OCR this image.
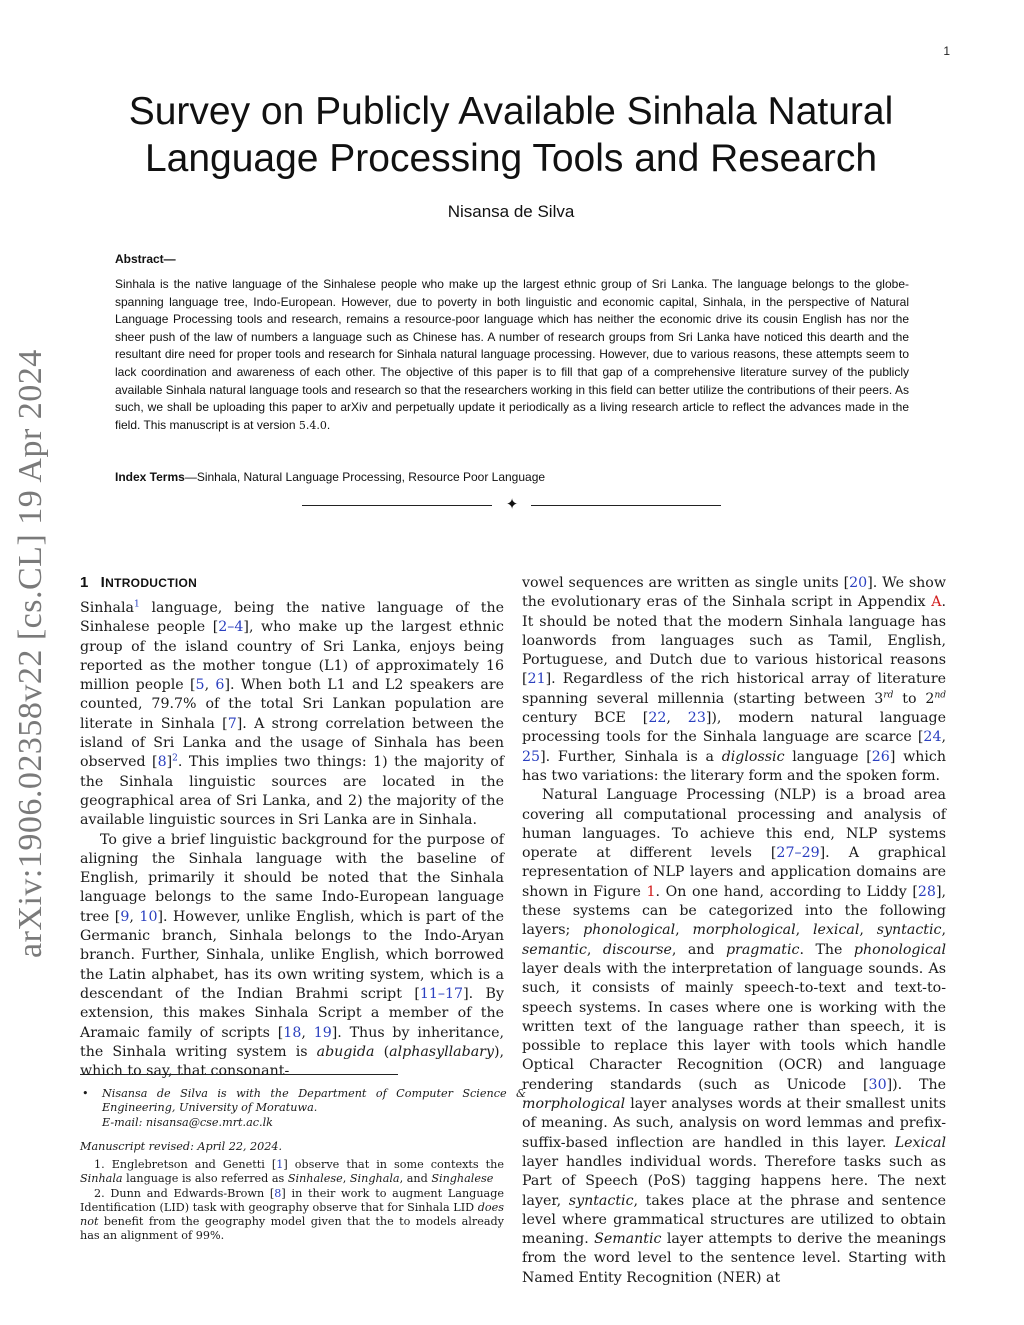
1
arXiv:1906.02358v22 [cs.CL] 19 Apr 2024
Survey on Publicly Available Sinhala Natural
Language Processing Tools and Research
Nisansa de Silva
Abstract—

Sinhala is the native language of the Sinhalese people who make up the largest ethnic group of Sri Lanka. The language belongs to the globe-spanning language tree, Indo-European. However, due to poverty in both linguistic and economic capital, Sinhala, in the perspective of Natural Language Processing tools and research, remains a resource-poor language which has neither the economic drive its cousin English has nor the sheer push of the law of numbers a language such as Chinese has. A number of research groups from Sri Lanka have noticed this dearth and the resultant dire need for proper tools and research for Sinhala natural language processing. However, due to various reasons, these attempts seem to lack coordination and awareness of each other. The objective of this paper is to fill that gap of a comprehensive literature survey of the publicly available Sinhala natural language tools and research so that the researchers working in this field can better utilize the contributions of their peers. As such, we shall be uploading this paper to arXiv and perpetually update it periodically as a living research article to reflect the advances made in the field. This manuscript is at version 5.4.0.

Index Terms—Sinhala, Natural Language Processing, Resource Poor Language
✦
1 INTRODUCTION

Sinhala$^1$ language, being the native language of the Sinhalese people [2–4], who make up the largest ethnic group of the island country of Sri Lanka, enjoys being reported as the mother tongue (L1) of approximately 16 million people [5, 6]. When both L1 and L2 speakers are counted, 79.7% of the total Sri Lankan population are literate in Sinhala [7]. A strong correlation between the island of Sri Lanka and the usage of Sinhala has been observed [8]$^2$. This implies two things: 1) the majority of the Sinhala linguistic sources are located in the geographical area of Sri Lanka, and 2) the majority of the available linguistic sources in Sri Lanka are in Sinhala.

To give a brief linguistic background for the purpose of aligning the Sinhala language with the baseline of English, primarily it should be noted that the Sinhala language belongs to the same Indo-European language tree [9, 10]. However, unlike English, which is part of the Germanic branch, Sinhala belongs to the Indo-Aryan branch. Further, Sinhala, unlike English, which borrowed the Latin alphabet, has its own writing system, which is a descendant of the Indian Brahmi script [11–17]. By extension, this makes Sinhala Script a member of the Aramaic family of scripts [18, 19]. Thus by inheritance, the Sinhala writing system is abugida (alphasyllabary), which to say, that consonant-

• Nisansa de Silva is with the Department of Computer Science & Engineering, University of Moratuwa.
E-mail: nisansa@cse.mrt.ac.lk
Manuscript revised: April 22, 2024.

1. Englebretson and Genetti [1] observe that in some contexts the Sinhala language is also referred as Sinhalese, Singhala, and Singhalese

2. Dunn and Edwards-Brown [8] in their work to augment Language Identification (LID) task with geography observe that for Sinhala LID does not benefit from the geography model given that the to models already has an alignment of 99%.

vowel sequences are written as single units [20]. We show the evolutionary eras of the Sinhala script in Appendix A. It should be noted that the modern Sinhala language has loanwords from languages such as Tamil, English, Portuguese, and Dutch due to various historical reasons [21]. Regardless of the rich historical array of literature spanning several millennia (starting between 3rd to 2nd century BCE [22, 23]), modern natural language processing tools for the Sinhala language are scarce [24, 25]. Further, Sinhala is a diglossic language [26] which has two variations: the literary form and the spoken form.

Natural Language Processing (NLP) is a broad area covering all computational processing and analysis of human languages. To achieve this end, NLP systems operate at different levels [27–29]. A graphical representation of NLP layers and application domains are shown in Figure 1. On one hand, according to Liddy [28], these systems can be categorized into the following layers; phonological, morphological, lexical, syntactic, semantic, discourse, and pragmatic. The phonological layer deals with the interpretation of language sounds. As such, it consists of mainly speech-to-text and text-to-speech systems. In cases where one is working with the written text of the language rather than speech, it is possible to replace this layer with tools which handle Optical Character Recognition (OCR) and language rendering standards (such as Unicode [30]). The morphological layer analyses words at their smallest units of meaning. As such, analysis on word lemmas and prefix-suffix-based inflection are handled in this layer. Lexical layer handles individual words. Therefore tasks such as Part of Speech (PoS) tagging happens here. The next layer, syntactic, takes place at the phrase and sentence level where grammatical structures are utilized to obtain meaning. Semantic layer attempts to derive the meanings from the word level to the sentence level. Starting with Named Entity Recognition (NER) at
